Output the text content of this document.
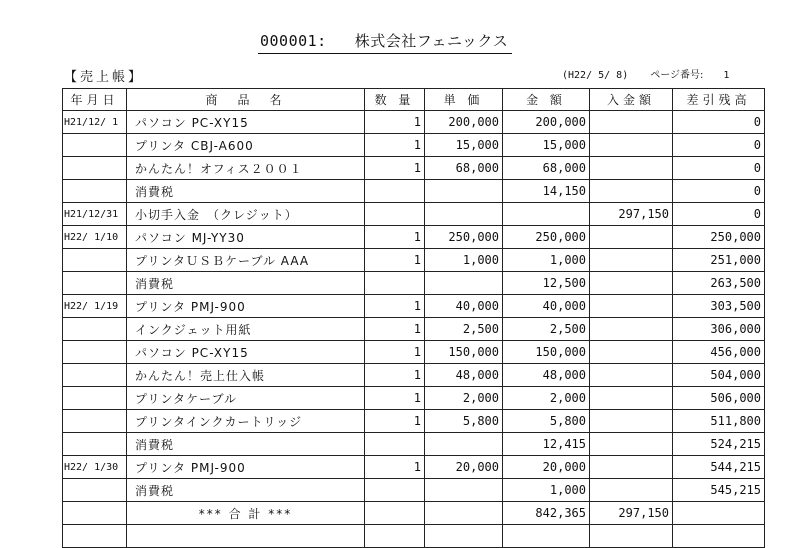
000001: 株式会社フェニックス
【売上帳】	(H22/ 5/ 8) ページ番号: 1
年月日	商　品　名	数 量	単 価	金 額	入金額	差引残高
H21/12/ 1	パソコン PC-XY15	1	200,000	200,000		0
	プリンタ CBJ-A600	1	15,000	15,000		0
	かんたん！オフィス２００１	1	68,000	68,000		0
	消費税			14,150		0
H21/12/31	小切手入金　（クレジット）				297,150	0
H22/ 1/10	パソコン MJ-YY30	1	250,000	250,000		250,000
	プリンタＵＳＢケーブル AAA	1	1,000	1,000		251,000
	消費税			12,500		263,500
H22/ 1/19	プリンタ PMJ-900	1	40,000	40,000		303,500
	インクジェット用紙	1	2,500	2,500		306,000
	パソコン PC-XY15	1	150,000	150,000		456,000
	かんたん！売上仕入帳	1	48,000	48,000		504,000
	プリンタケーブル	1	2,000	2,000		506,000
	プリンタインクカートリッジ	1	5,800	5,800		511,800
	消費税			12,415		524,215
H22/ 1/30	プリンタ PMJ-900	1	20,000	20,000		544,215
	消費税			1,000		545,215
	*** 合 計 ***			842,365	297,150	
